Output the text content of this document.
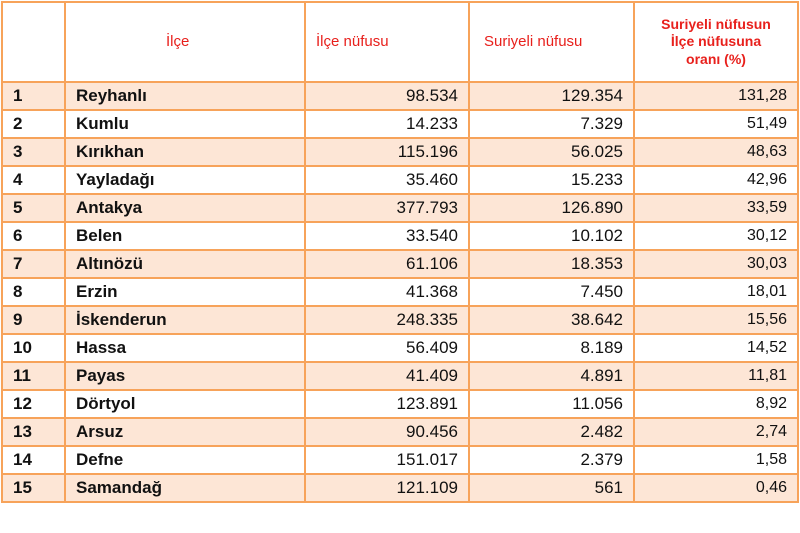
	İlçe	İlçe nüfusu	Suriyeli nüfusu	Suriyeli nüfusun
İlçe nüfusuna
oranı (%)

1	Reyhanlı	98.534	129.354	131,28
2	Kumlu	14.233	7.329	51,49
3	Kırıkhan	115.196	56.025	48,63
4	Yayladağı	35.460	15.233	42,96
5	Antakya	377.793	126.890	33,59
6	Belen	33.540	10.102	30,12
7	Altınözü	61.106	18.353	30,03
8	Erzin	41.368	7.450	18,01
9	İskenderun	248.335	38.642	15,56
10	Hassa	56.409	8.189	14,52
11	Payas	41.409	4.891	11,81
12	Dörtyol	123.891	11.056	8,92
13	Arsuz	90.456	2.482	2,74
14	Defne	151.017	2.379	1,58
15	Samandağ	121.109	561	0,46
